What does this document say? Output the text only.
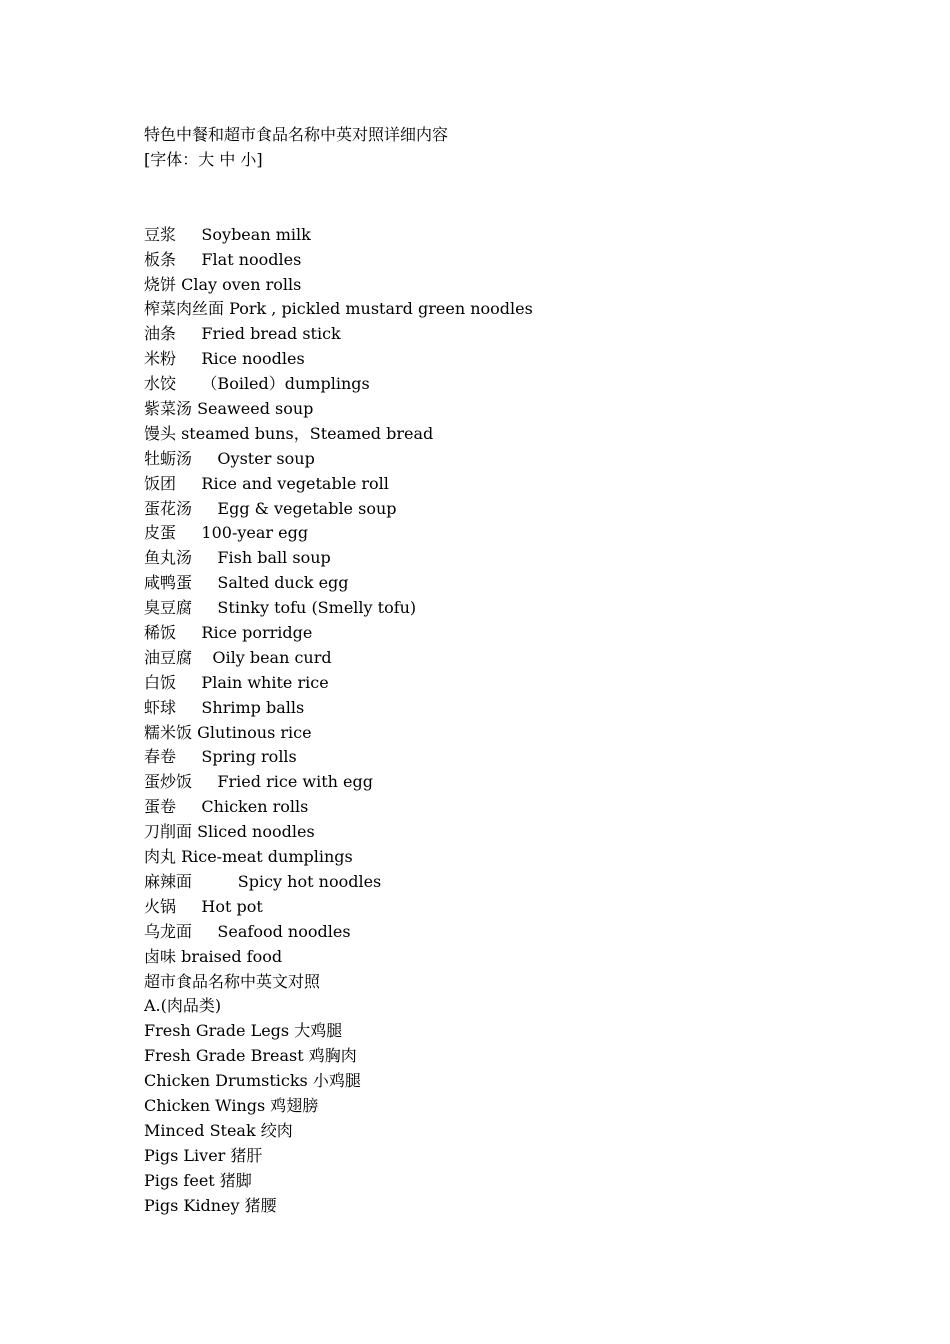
特色中餐和超市食品名称中英对照详细内容
[字体：大 中 小]
豆浆     Soybean milk
板条     Flat noodles
烧饼 Clay oven rolls
榨菜肉丝面 Pork , pickled mustard green noodles
油条     Fried bread stick
米粉     Rice noodles
水饺     （Boiled）dumplings
紫菜汤 Seaweed soup
馒头 steamed buns，Steamed bread
牡蛎汤     Oyster soup
饭团     Rice and vegetable roll
蛋花汤     Egg & vegetable soup
皮蛋     100-year egg
鱼丸汤     Fish ball soup
咸鸭蛋     Salted duck egg
臭豆腐     Stinky tofu (Smelly tofu)
稀饭     Rice porridge
油豆腐    Oily bean curd
白饭     Plain white rice
虾球     Shrimp balls
糯米饭 Glutinous rice
春卷     Spring rolls
蛋炒饭     Fried rice with egg
蛋卷     Chicken rolls
刀削面 Sliced noodles
肉丸 Rice-meat dumplings
麻辣面         Spicy hot noodles
火锅     Hot pot
乌龙面     Seafood noodles
卤味 braised food
超市食品名称中英文对照
A.(肉品类)
Fresh Grade Legs 大鸡腿
Fresh Grade Breast 鸡胸肉
Chicken Drumsticks 小鸡腿
Chicken Wings 鸡翅膀
Minced Steak 绞肉
Pigs Liver 猪肝
Pigs feet 猪脚
Pigs Kidney 猪腰
